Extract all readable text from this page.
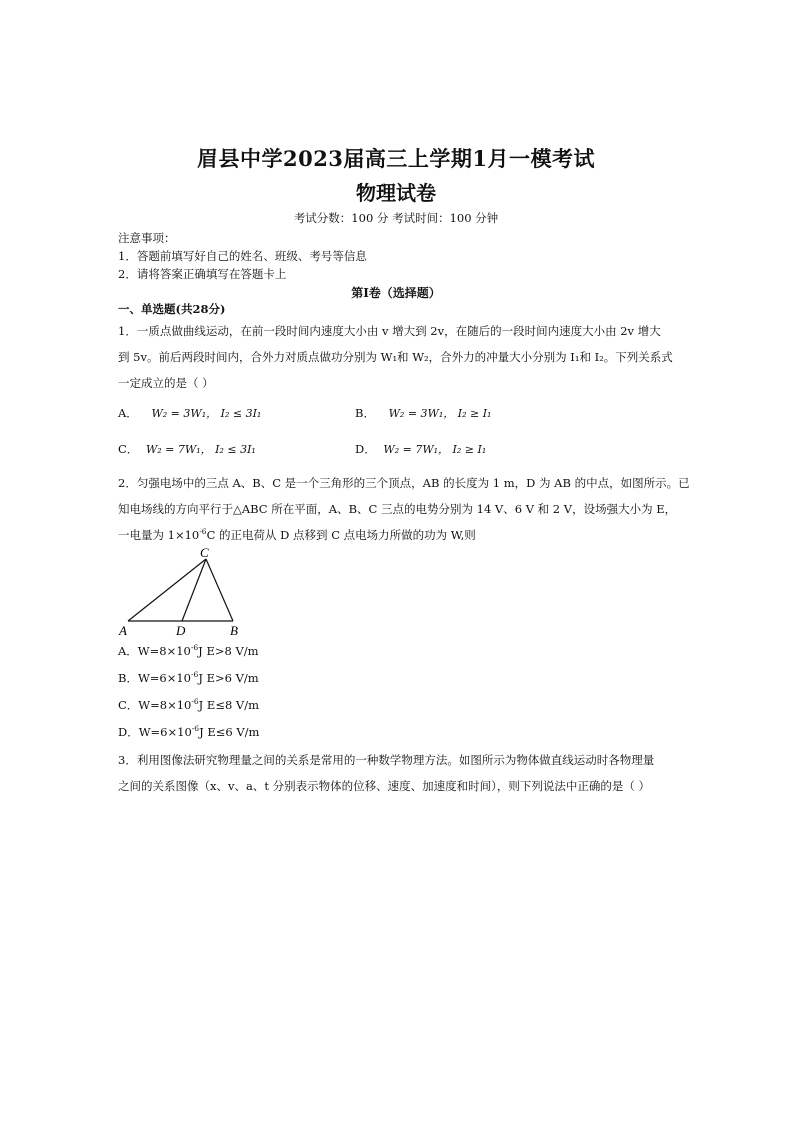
眉县中学2023届高三上学期1月一模考试
物理试卷
考试分数：100 分 考试时间：100 分钟
注意事项：
1．答题前填写好自己的姓名、班级、考号等信息
2．请将答案正确填写在答题卡上
第I卷（选择题）
一、单选题(共28分)
1．一质点做曲线运动，在前一段时间内速度大小由 v 增大到 2v，在随后的一段时间内速度大小由 2v 增大
到 5v。前后两段时间内，合外力对质点做功分别为 W₁和 W₂，合外力的冲量大小分别为 I₁和 I₂。下列关系式
一定成立的是（ ）
A． W₂ = 3W₁， I₂ ≤ 3I₁	B． W₂ = 3W₁， I₂ ≥ I₁
C． W₂ = 7W₁， I₂ ≤ 3I₁	D． W₂ = 7W₁， I₂ ≥ I₁
2．匀强电场中的三点 A、B、C 是一个三角形的三个顶点，AB 的长度为 1 m，D 为 AB 的中点，如图所示。已
知电场线的方向平行于△ABC 所在平面，A、B、C 三点的电势分别为 14 V、6 V 和 2 V，设场强大小为 E，
一电量为 $1\times 10^{-6}C$ 的正电荷从 D 点移到 C 点电场力所做的功为 W,则
C
A	D	B
A．$W=8\times 10^{-6}J$ E>8 V/m
B．$W=6\times 10^{-6}J$ E>6 V/m
C．$W=8\times 10^{-6}J$ E≤8 V/m
D．$W=6\times 10^{-6}J$ E≤6 V/m
3．利用图像法研究物理量之间的关系是常用的一种数学物理方法。如图所示为物体做直线运动时各物理量
之间的关系图像（x、v、a、t 分别表示物体的位移、速度、加速度和时间），则下列说法中正确的是（ ）
